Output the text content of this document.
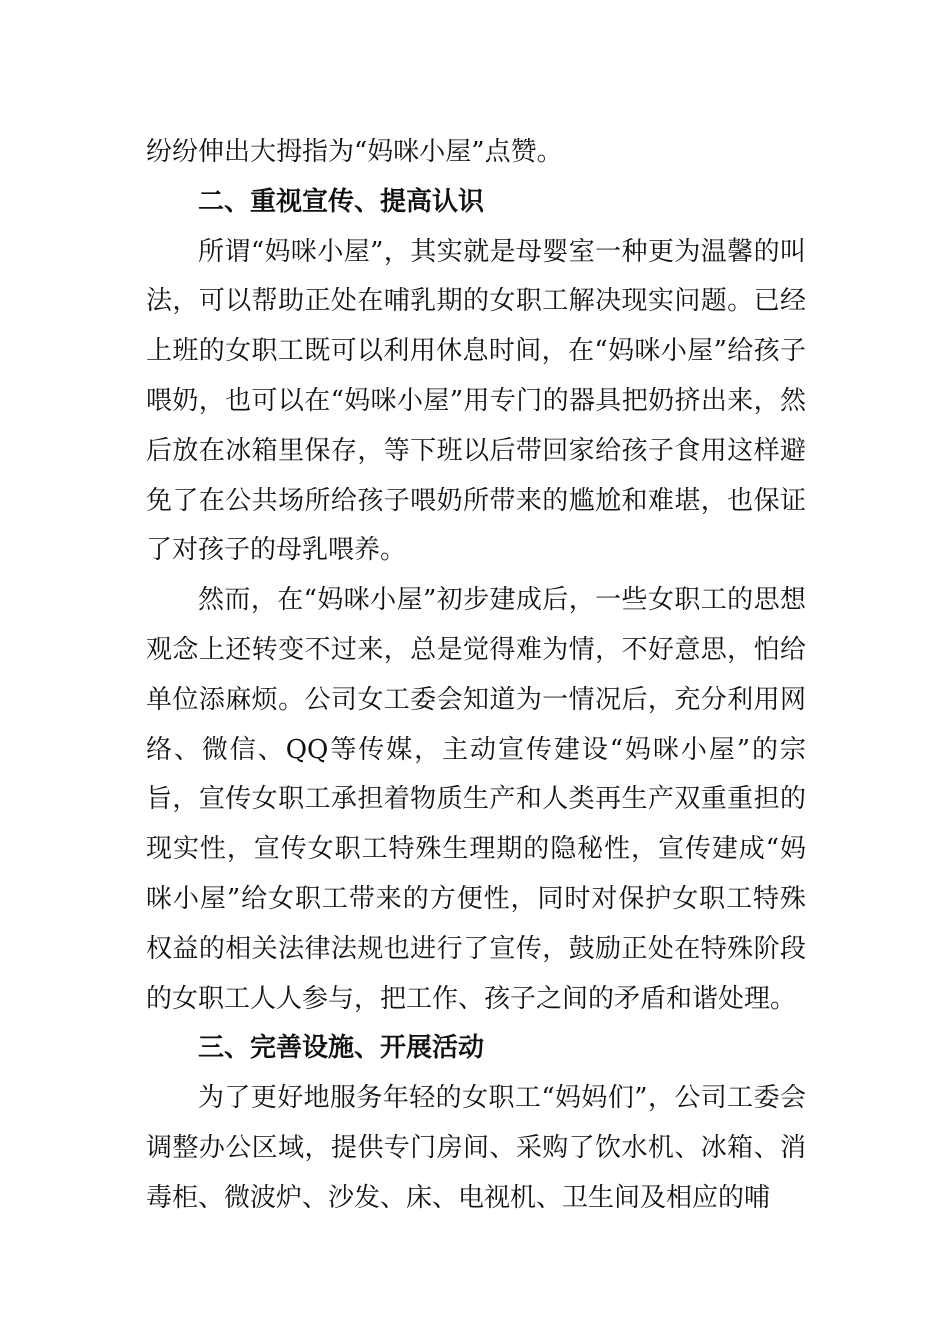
纷纷伸出大拇指为“妈咪小屋”点赞。

二、重视宣传、提高认识

所谓“妈咪小屋”，其实就是母婴室一种更为温馨的叫法，可以帮助正处在哺乳期的女职工解决现实问题。已经上班的女职工既可以利用休息时间，在“妈咪小屋”给孩子喂奶，也可以在“妈咪小屋”用专门的器具把奶挤出来，然后放在冰箱里保存，等下班以后带回家给孩子食用这样避免了在公共场所给孩子喂奶所带来的尴尬和难堪，也保证了对孩子的母乳喂养。

然而，在“妈咪小屋”初步建成后，一些女职工的思想观念上还转变不过来，总是觉得难为情，不好意思，怕给单位添麻烦。公司女工委会知道为一情况后，充分利用网络、微信、QQ等传媒，主动宣传建设“妈咪小屋”的宗旨，宣传女职工承担着物质生产和人类再生产双重重担的现实性，宣传女职工特殊生理期的隐秘性，宣传建成“妈咪小屋”给女职工带来的方便性，同时对保护女职工特殊权益的相关法律法规也进行了宣传，鼓励正处在特殊阶段的女职工人人参与，把工作、孩子之间的矛盾和谐处理。

三、完善设施、开展活动

为了更好地服务年轻的女职工“妈妈们”，公司工委会调整办公区域，提供专门房间、采购了饮水机、冰箱、消毒柜、微波炉、沙发、床、电视机、卫生间及相应的哺
